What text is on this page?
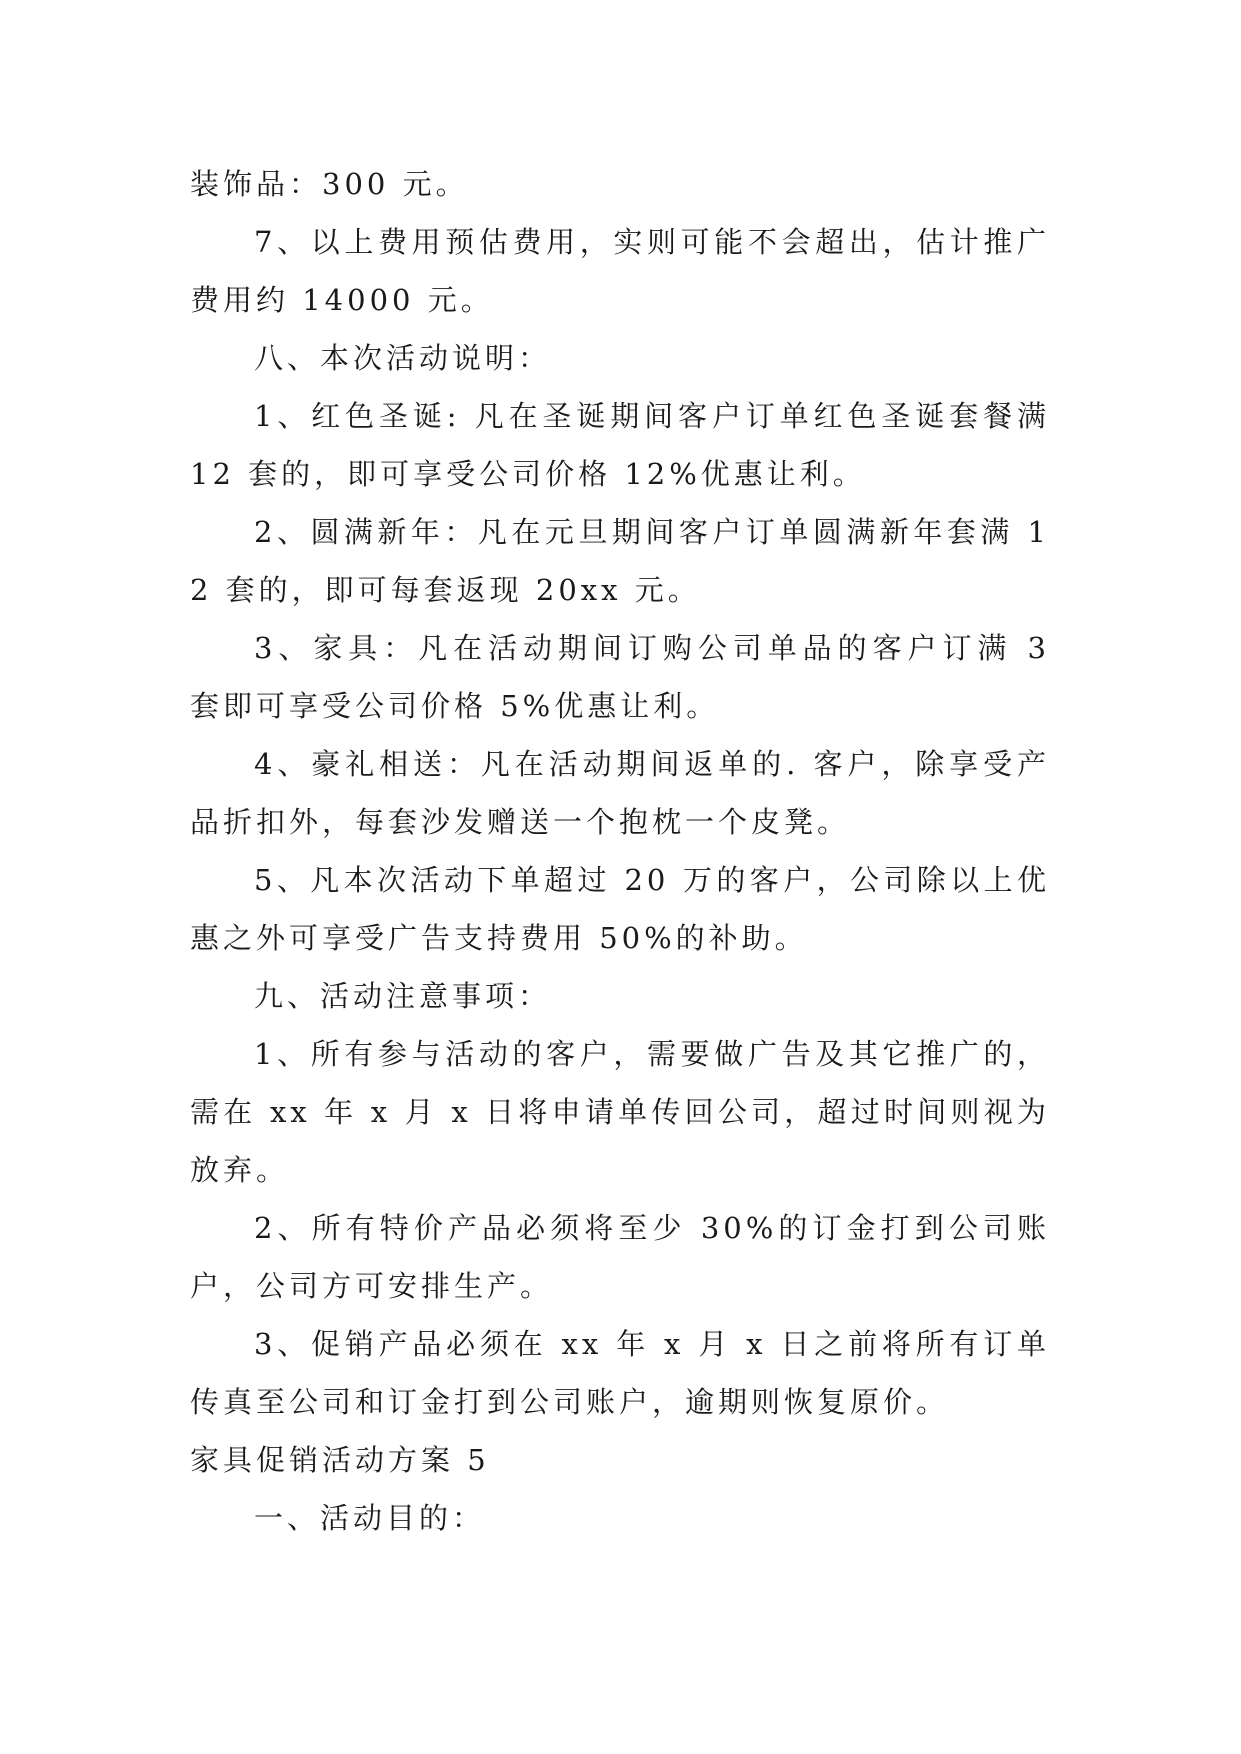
装饰品：300 元。

7、以上费用预估费用，实则可能不会超出，估计推广费用约 14000 元。

八、本次活动说明：

1、红色圣诞: 凡在圣诞期间客户订单红色圣诞套餐满 12 套的，即可享受公司价格 12%优惠让利。

2、圆满新年：凡在元旦期间客户订单圆满新年套满 12 套的，即可每套返现 20xx 元。

3、家具：凡在活动期间订购公司单品的客户订满 3 套即可享受公司价格 5%优惠让利。

4、豪礼相送：凡在活动期间返单的. 客户，除享受产品折扣外，每套沙发赠送一个抱枕一个皮凳。

5、凡本次活动下单超过 20 万的客户，公司除以上优惠之外可享受广告支持费用 50%的补助。

九、活动注意事项：

1、所有参与活动的客户，需要做广告及其它推广的，需在 xx 年 x 月 x 日将申请单传回公司，超过时间则视为放弃。

2、所有特价产品必须将至少 30%的订金打到公司账户，公司方可安排生产。

3、促销产品必须在 xx 年 x 月 x 日之前将所有订单传真至公司和订金打到公司账户，逾期则恢复原价。

家具促销活动方案 5

一、活动目的：
